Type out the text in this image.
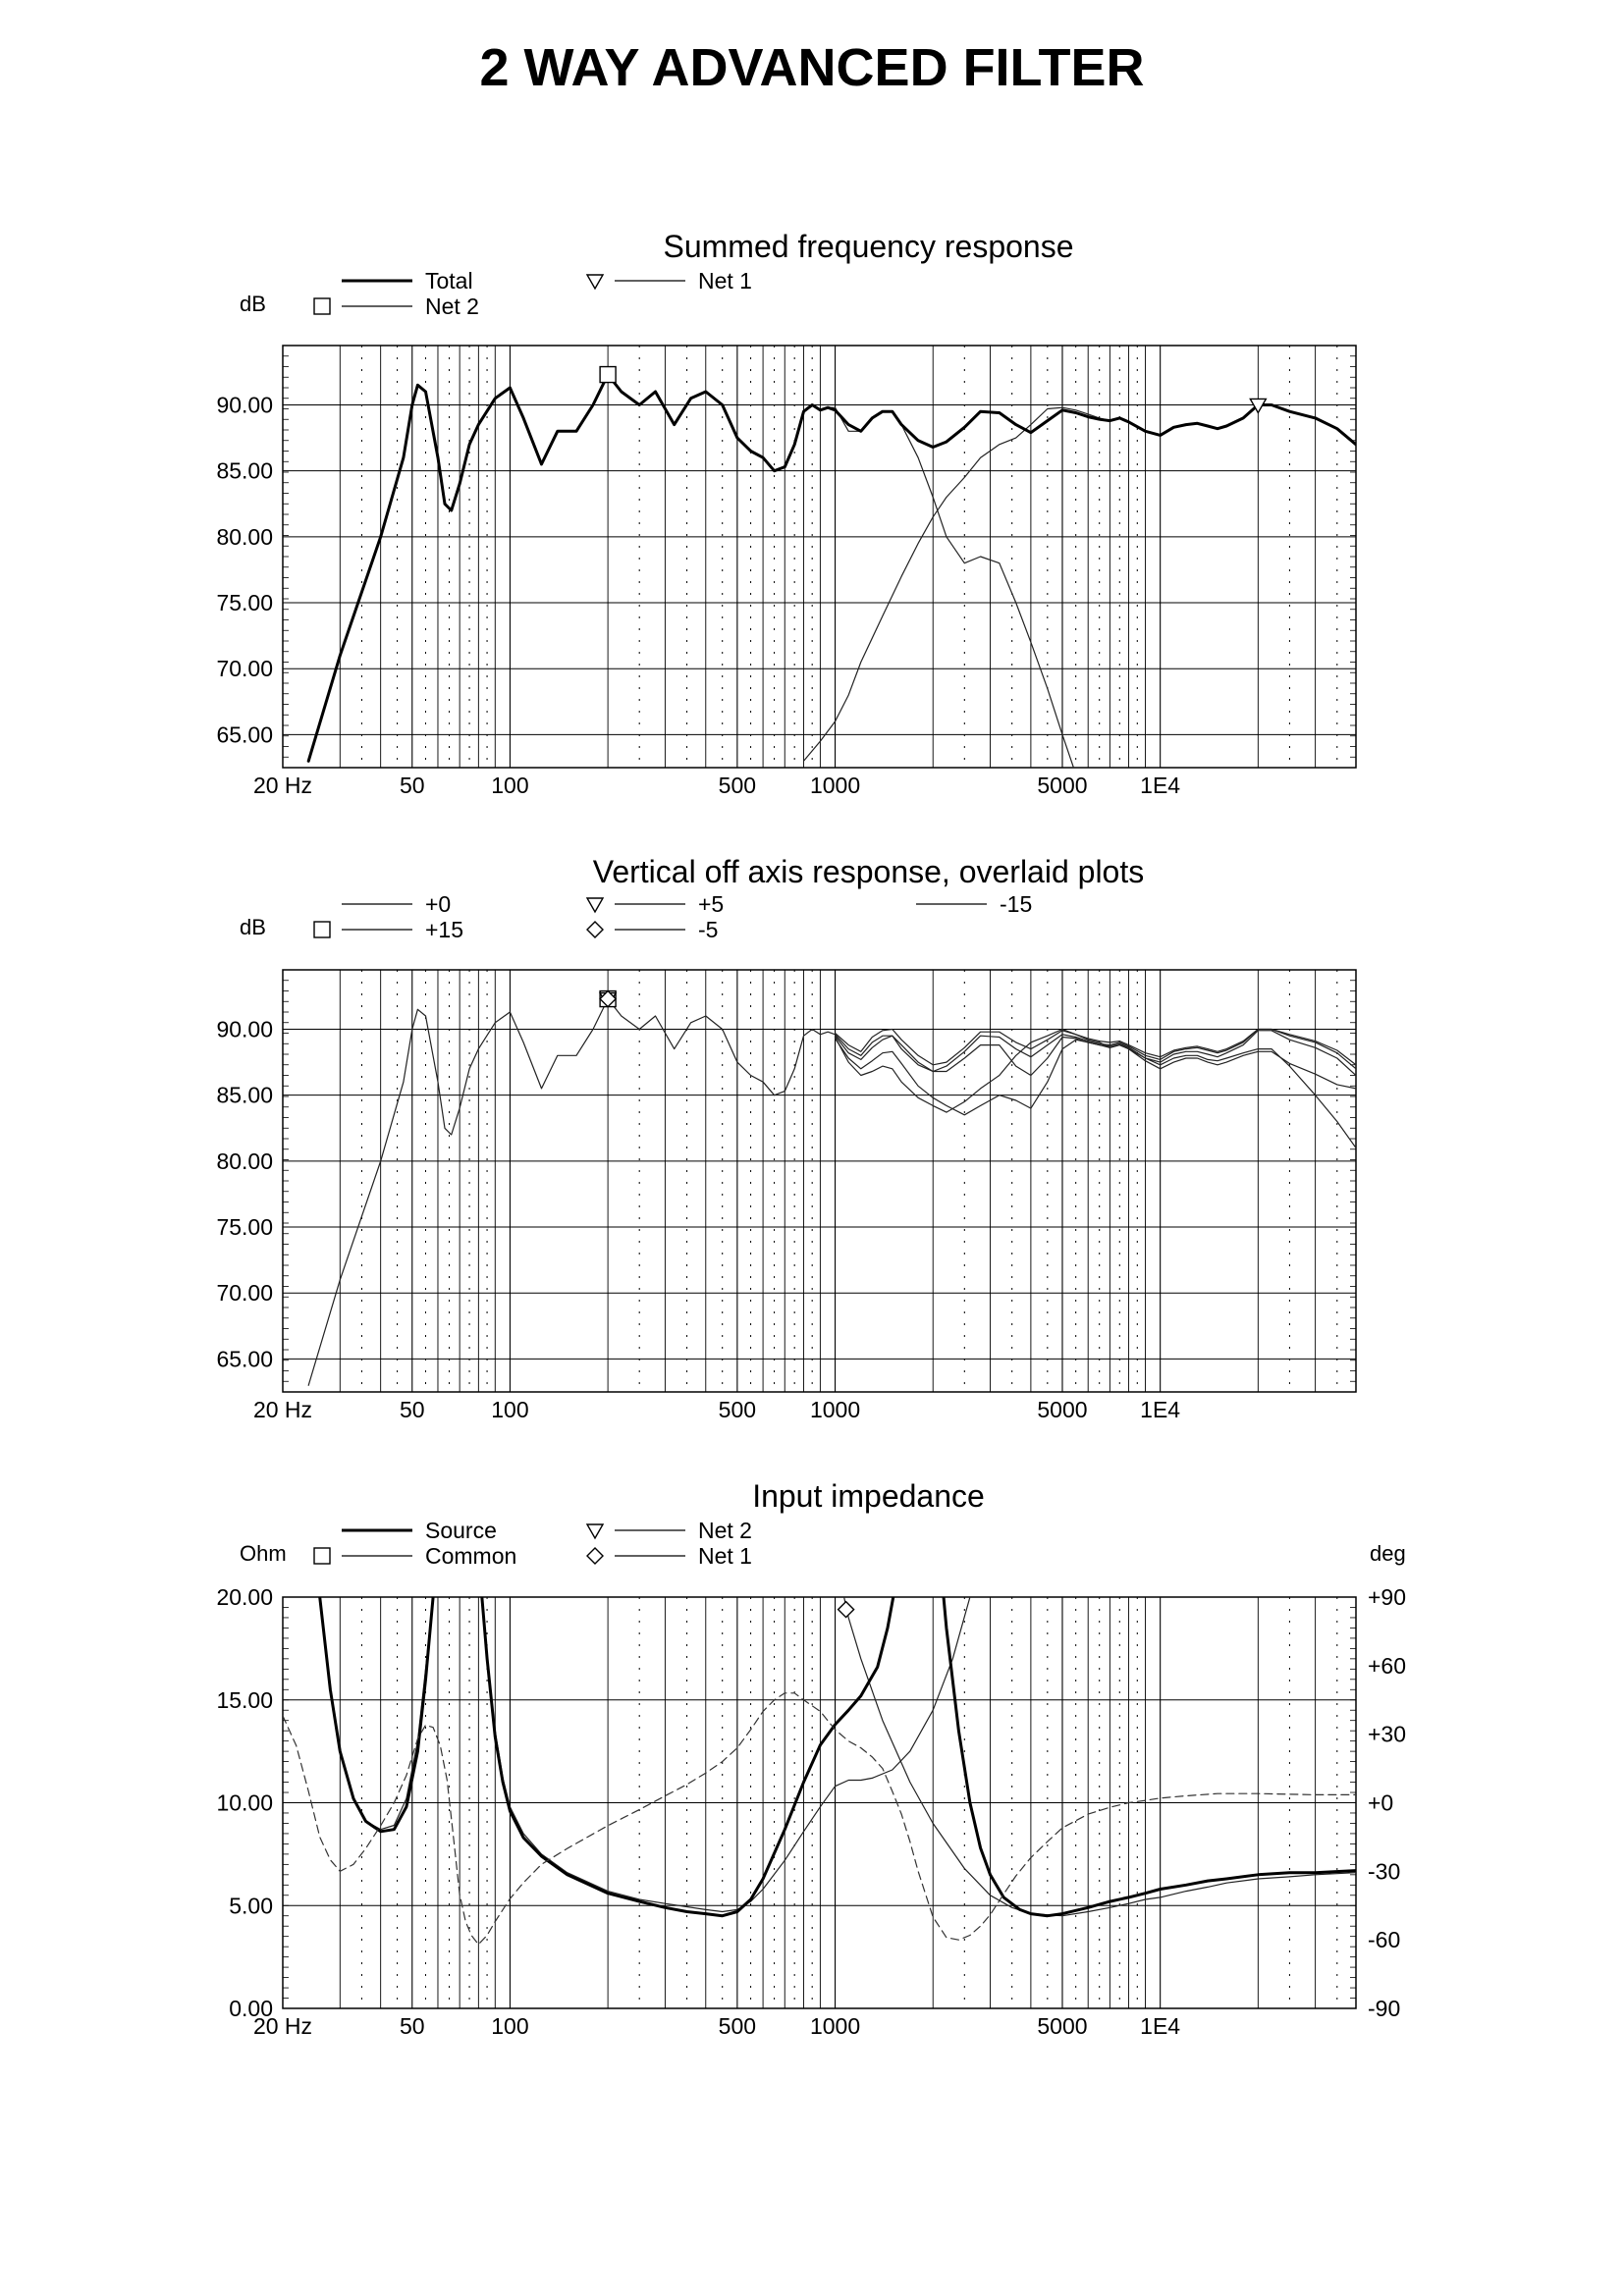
2 WAY ADVANCED FILTER
Summed frequency response
dB
65.00
70.00
75.00
80.00
85.00
90.00
20 Hz	50	100	500 1000	5000 1E4
Total
Net 2
Net 1
Vertical off axis response, overlaid plots
dB
65.00
70.00
75.00
80.00
85.00
90.00
20 Hz	50	100	500 1000	5000 1E4
+0
+15
+5
-5
-15
Input impedance
Ohm	deg
0.00
5.00
10.00
15.00
20.00
-90
-60
-30
+0
+30
+60
+90
20 Hz	50	100	500 1000	5000 1E4
Source
Common
Net 2
Net 1
